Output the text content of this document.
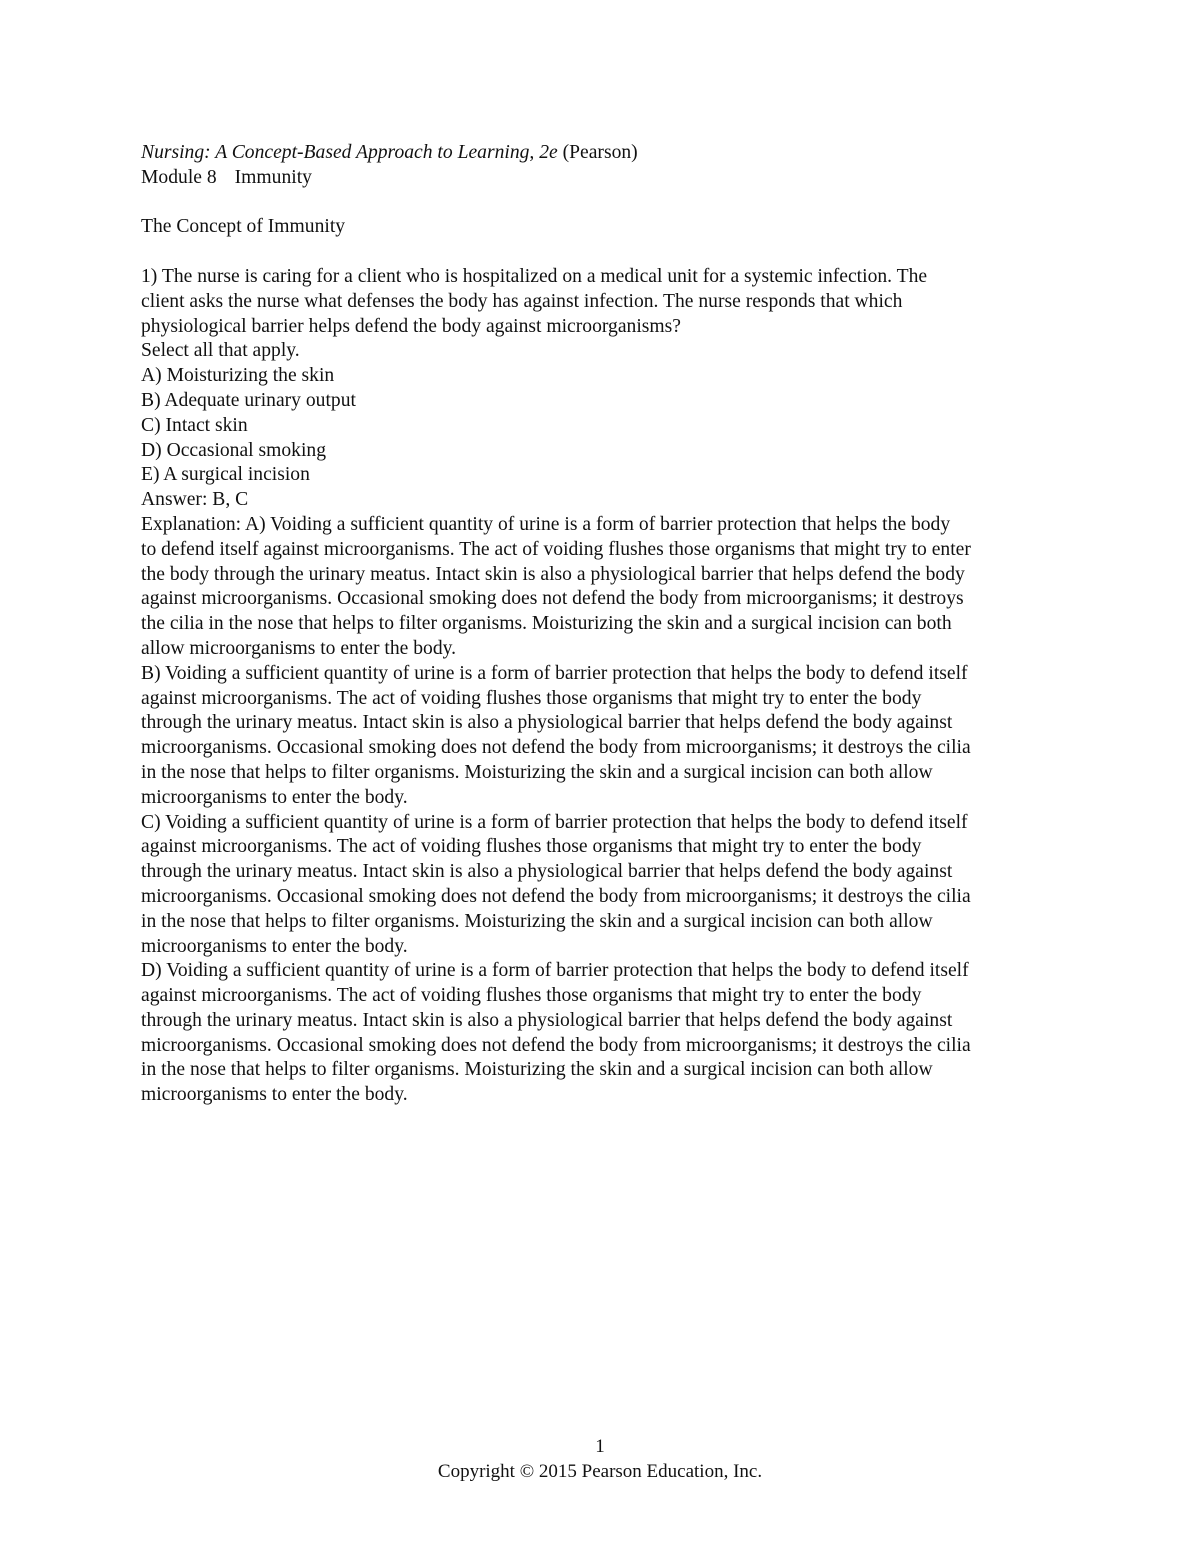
Nursing: A Concept-Based Approach to Learning, 2e (Pearson)
Module 8 Immunity
The Concept of Immunity
1) The nurse is caring for a client who is hospitalized on a medical unit for a systemic infection. The
client asks the nurse what defenses the body has against infection. The nurse responds that which
physiological barrier helps defend the body against microorganisms?
Select all that apply.
A) Moisturizing the skin
B) Adequate urinary output
C) Intact skin
D) Occasional smoking
E) A surgical incision
Answer: B, C
Explanation: A) Voiding a sufficient quantity of urine is a form of barrier protection that helps the body
to defend itself against microorganisms. The act of voiding flushes those organisms that might try to enter
the body through the urinary meatus. Intact skin is also a physiological barrier that helps defend the body
against microorganisms. Occasional smoking does not defend the body from microorganisms; it destroys
the cilia in the nose that helps to filter organisms. Moisturizing the skin and a surgical incision can both
allow microorganisms to enter the body.
B) Voiding a sufficient quantity of urine is a form of barrier protection that helps the body to defend itself
against microorganisms. The act of voiding flushes those organisms that might try to enter the body
through the urinary meatus. Intact skin is also a physiological barrier that helps defend the body against
microorganisms. Occasional smoking does not defend the body from microorganisms; it destroys the cilia
in the nose that helps to filter organisms. Moisturizing the skin and a surgical incision can both allow
microorganisms to enter the body.
C) Voiding a sufficient quantity of urine is a form of barrier protection that helps the body to defend itself
against microorganisms. The act of voiding flushes those organisms that might try to enter the body
through the urinary meatus. Intact skin is also a physiological barrier that helps defend the body against
microorganisms. Occasional smoking does not defend the body from microorganisms; it destroys the cilia
in the nose that helps to filter organisms. Moisturizing the skin and a surgical incision can both allow
microorganisms to enter the body.
D) Voiding a sufficient quantity of urine is a form of barrier protection that helps the body to defend itself
against microorganisms. The act of voiding flushes those organisms that might try to enter the body
through the urinary meatus. Intact skin is also a physiological barrier that helps defend the body against
microorganisms. Occasional smoking does not defend the body from microorganisms; it destroys the cilia
in the nose that helps to filter organisms. Moisturizing the skin and a surgical incision can both allow
microorganisms to enter the body.
1
Copyright © 2015 Pearson Education, Inc.
